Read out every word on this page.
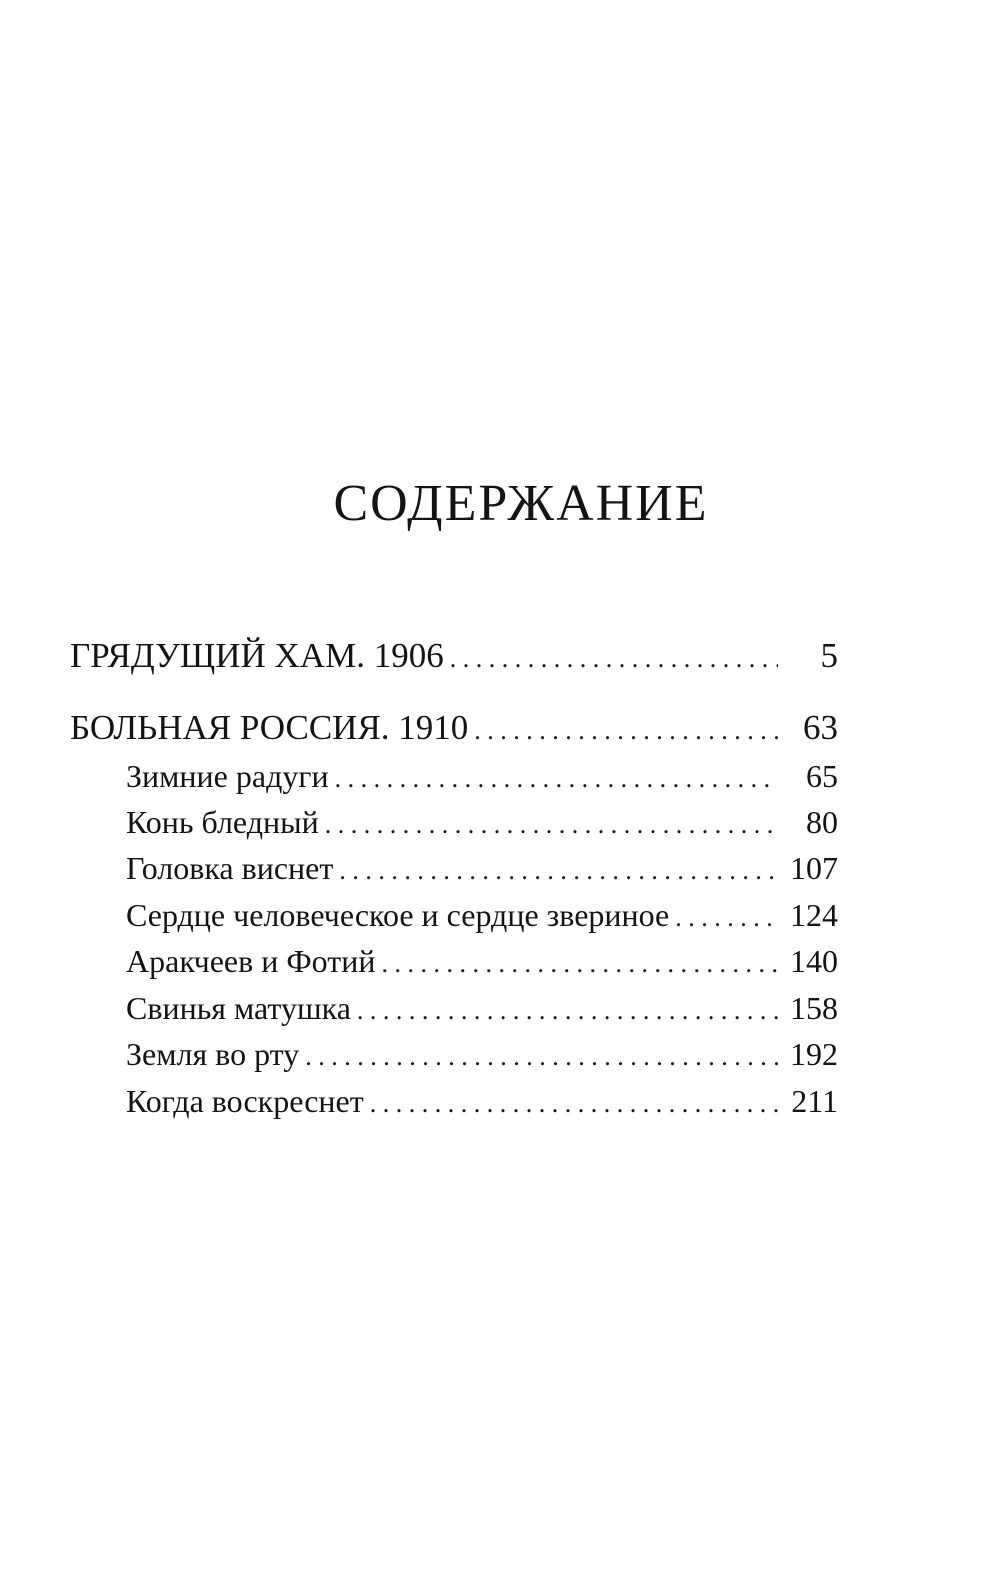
СОДЕРЖАНИЕ
ГРЯДУЩИЙ ХАМ. 1906 . . .	5
БОЛЬНАЯ РОССИЯ. 1910 . . .	63
Зимние радуги . . .	65
Конь бледный . . .	80
Головка виснет . . .	107
Сердце человеческое и сердце звериное . . .	124
Аракчеев и Фотий . . .	140
Свинья матушка . . .	158
Земля во рту . . .	192
Когда воскреснет . . .	211
